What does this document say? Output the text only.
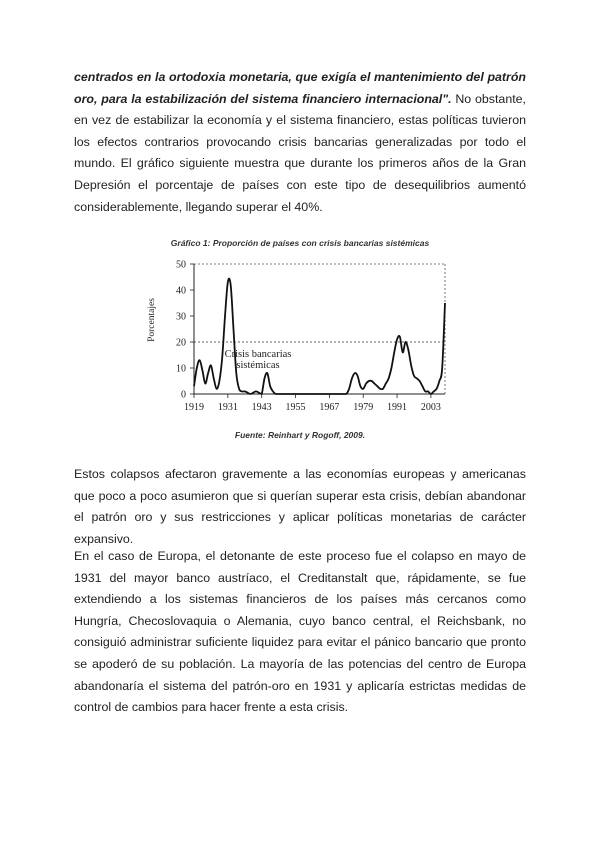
centrados en la ortodoxia monetaria, que exigía el mantenimiento del patrón oro, para la estabilización del sistema financiero internacional". No obstante, en vez de estabilizar la economía y el sistema financiero, estas políticas tuvieron los efectos contrarios provocando crisis bancarias generalizadas por todo el mundo. El gráfico siguiente muestra que durante los primeros años de la Gran Depresión el porcentaje de países con este tipo de desequilibrios aumentó considerablemente, llegando superar el 40%.

Gráfico 1: Proporción de países con crisis bancarias sistémicas
Porcentajes
0
10
20
30
40
50
1919 1931 1943 1955 1967 1979 1991 2003
Crisis bancarias
sistémicas
Fuente: Reinhart y Rogoff, 2009.

Estos colapsos afectaron gravemente a las economías europeas y americanas que poco a poco asumieron que si querían superar esta crisis, debían abandonar el patrón oro y sus restricciones y aplicar políticas monetarias de carácter expansivo.

En el caso de Europa, el detonante de este proceso fue el colapso en mayo de 1931 del mayor banco austríaco, el Creditanstalt que, rápidamente, se fue extendiendo a los sistemas financieros de los países más cercanos como Hungría, Checoslovaquia o Alemania, cuyo banco central, el Reichsbank, no consiguió administrar suficiente liquidez para evitar el pánico bancario que pronto se apoderó de su población. La mayoría de las potencias del centro de Europa abandonaría el sistema del patrón-oro en 1931 y aplicaría estrictas medidas de control de cambios para hacer frente a esta crisis.
